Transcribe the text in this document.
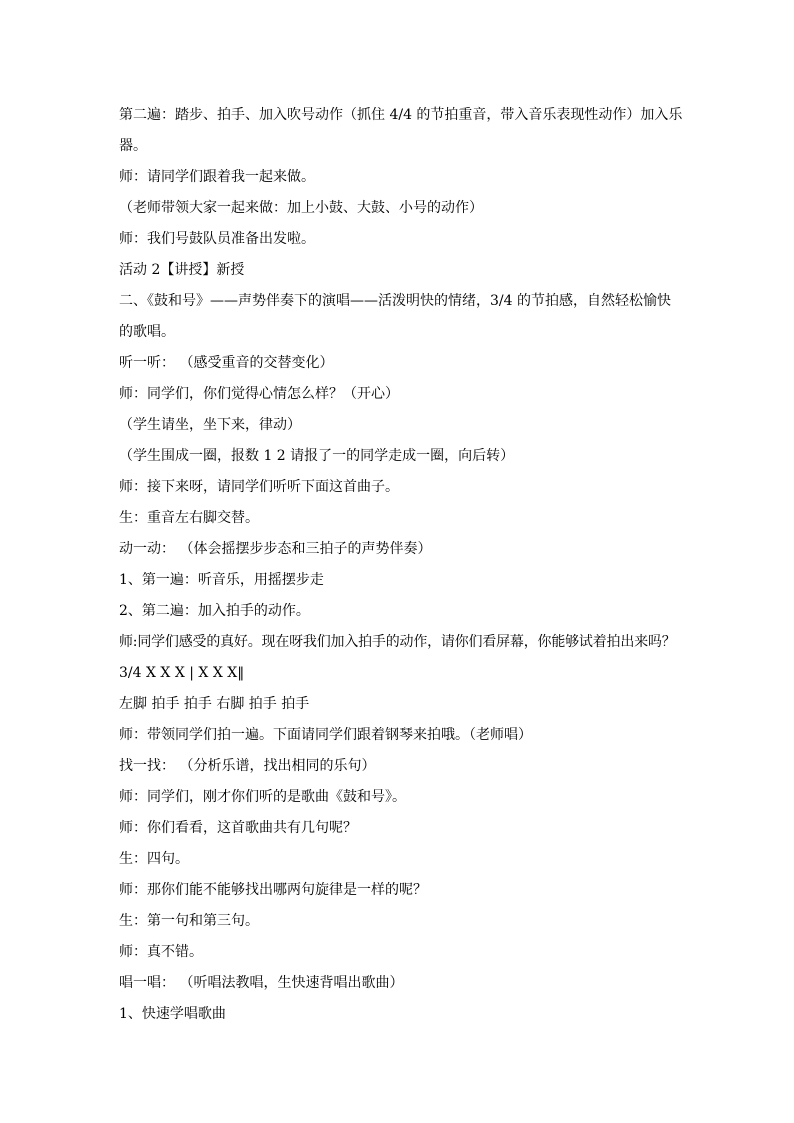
第二遍：踏步、拍手、加入吹号动作（抓住 4/4 的节拍重音，带入音乐表现性动作）加入乐
器。
师：请同学们跟着我一起来做。
（老师带领大家一起来做：加上小鼓、大鼓、小号的动作）
师：我们号鼓队员准备出发啦。
活动 2【讲授】新授
二、《鼓和号》——声势伴奏下的演唱——活泼明快的情绪，3/4 的节拍感，自然轻松愉快
的歌唱。
听一听： （感受重音的交替变化）
师：同学们，你们觉得心情怎么样？（开心）
（学生请坐，坐下来，律动）
（学生围成一圈，报数 1 2 请报了一的同学走成一圈，向后转）
师：接下来呀，请同学们听听下面这首曲子。
生：重音左右脚交替。
动一动： （体会摇摆步步态和三拍子的声势伴奏）
1、第一遍：听音乐，用摇摆步走
2、第二遍：加入拍手的动作。
师:同学们感受的真好。现在呀我们加入拍手的动作，请你们看屏幕，你能够试着拍出来吗？
3/4 X X X | X X X‖
左脚 拍手 拍手 右脚 拍手 拍手
师：带领同学们拍一遍。下面请同学们跟着钢琴来拍哦。（老师唱）
找一找： （分析乐谱，找出相同的乐句）
师：同学们，刚才你们听的是歌曲《鼓和号》。
师：你们看看，这首歌曲共有几句呢？
生：四句。
师：那你们能不能够找出哪两句旋律是一样的呢？
生：第一句和第三句。
师：真不错。
唱一唱： （听唱法教唱，生快速背唱出歌曲）
1、快速学唱歌曲
